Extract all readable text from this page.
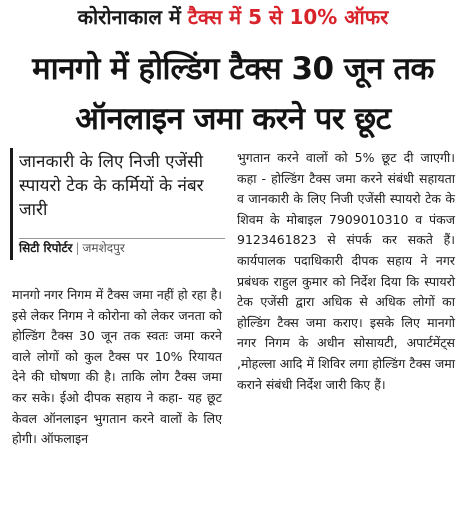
कोरोनाकाल में टैक्स में 5 से 10% ऑफर
मानगो में होल्डिंग टैक्स 30 जून तक ऑनलाइन जमा करने पर छूट
जानकारी के लिए निजी एजेंसी स्पायरो टेक के कर्मियों के नंबर जारी
सिटी रिपोर्टर | जमशेदपुर
मानगो नगर निगम में टैक्स जमा नहीं हो रहा है। इसे लेकर निगम ने कोरोना को लेकर जनता को होल्डिंग टैक्स 30 जून तक स्वतः जमा करने वाले लोगों को कुल टैक्स पर 10% रियायत देने की घोषणा की है। ताकि लोग टैक्स जमा कर सके। ईओ दीपक सहाय ने कहा- यह छूट केवल ऑनलाइन भुगतान करने वालों के लिए होगी। ऑफलाइन
भुगतान करने वालों को 5% छूट दी जाएगी। कहा - होल्डिंग टैक्स जमा करने संबंधी सहायता व जानकारी के लिए निजी एजेंसी स्पायरो टेक के शिवम के मोबाइल 7909010310 व पंकज 9123461823 से संपर्क कर सकते हैं। कार्यपालक पदाधिकारी दीपक सहाय ने नगर प्रबंधक राहुल कुमार को निर्देश दिया कि स्पायरो टेक एजेंसी द्वारा अधिक से अधिक लोगों का होल्डिंग टैक्स जमा कराए। इसके लिए मानगो नगर निगम के अधीन सोसायटी, अपार्टमेंट्स ,मोहल्ला आदि में शिविर लगा होल्डिंग टैक्स जमा कराने संबंधी निर्देश जारी किए हैं।
